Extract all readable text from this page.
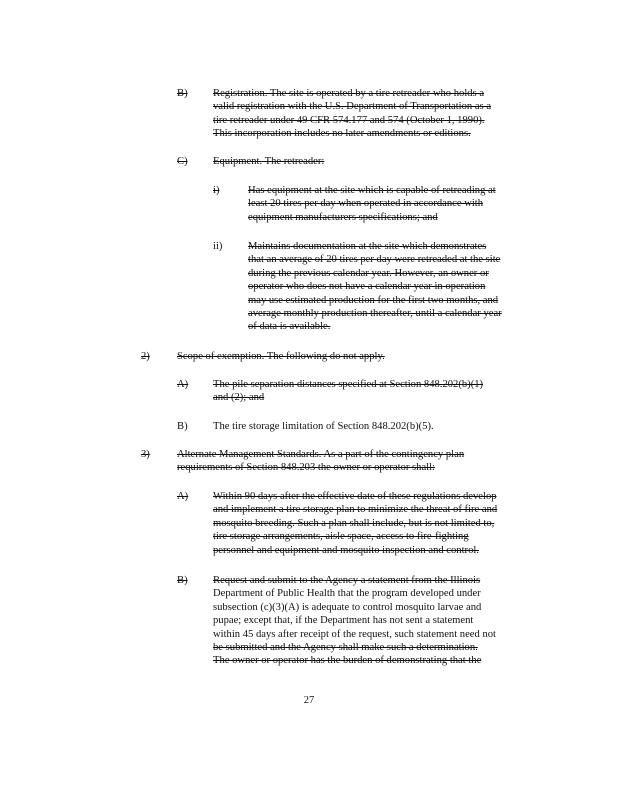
B) Registration. The site is operated by a tire retreader who holds a
valid registration with the U.S. Department of Transportation as a
tire retreader under 49 CFR 574.177 and 574 (October 1, 1990).
This incorporation includes no later amendments or editions.
C) Equipment. The retreader:
i)	Has equipment at the site which is capable of retreading at
least 20 tires per day when operated in accordance with
equipment manufacturers specifications; and
ii) Maintains documentation at the site which demonstrates
that an average of 20 tires per day were retreaded at the site
during the previous calendar year. However, an owner or
operator who does not have a calendar year in operation
may use estimated production for the first two months, and
average monthly production thereafter, until a calendar year
of data is available.
2)	Scope of exemption. The following do not apply.
A) The pile separation distances specified at Section 848.202(b)(1)
and (2); and
B) The tire storage limitation of Section 848.202(b)(5).
3)	Alternate Management Standards. As a part of the contingency plan
requirements of Section 848.203 the owner or operator shall:
A) Within 90 days after the effective date of these regulations develop
and implement a tire storage plan to minimize the threat of fire and
mosquito breeding. Such a plan shall include, but is not limited to,
tire storage arrangements, aisle space, access to fire-fighting
personnel and equipment and mosquito inspection and control.
B) Request and submit to the Agency a statement from the Illinois
Department of Public Health that the program developed under
subsection (c)(3)(A) is adequate to control mosquito larvae and
pupae; except that, if the Department has not sent a statement
within 45 days after receipt of the request, such statement need not
be submitted and the Agency shall make such a determination.
The owner or operator has the burden of demonstrating that the
27
